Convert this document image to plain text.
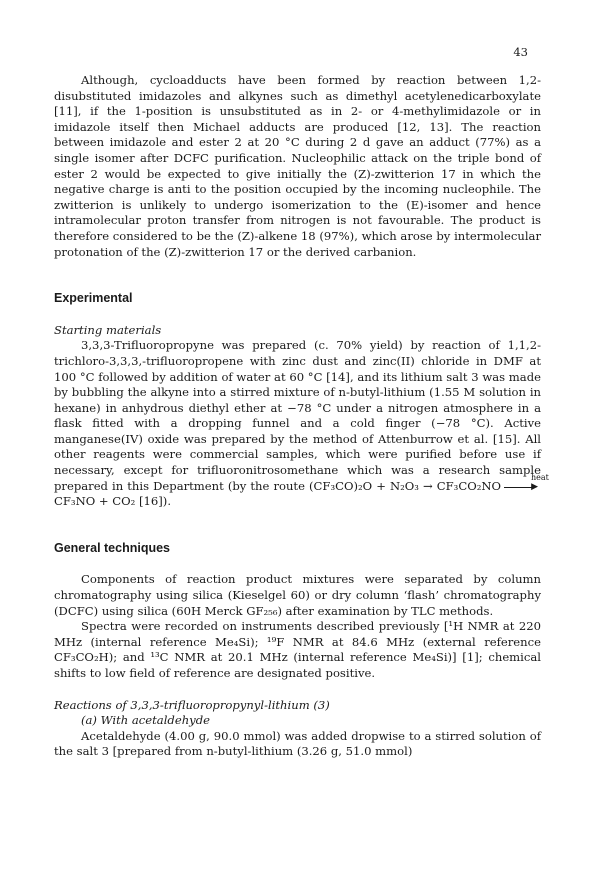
43

Although, cycloadducts have been formed by reaction between 1,2-disubstituted imidazoles and alkynes such as dimethyl acetylenedicarboxylate [11], if the 1-position is unsubstituted as in 2- or 4-methylimidazole or in imidazole itself then Michael adducts are produced [12, 13]. The reaction between imidazole and ester 2 at 20 °C during 2 d gave an adduct (77%) as a single isomer after DCFC purification. Nucleophilic attack on the triple bond of ester 2 would be expected to give initially the (Z)-zwitterion 17 in which the negative charge is anti to the position occupied by the incoming nucleophile. The zwitterion is unlikely to undergo isomerization to the (E)-isomer and hence intramolecular proton transfer from nitrogen is not favourable. The product is therefore considered to be the (Z)-alkene 18 (97%), which arose by intermolecular protonation of the (Z)-zwitterion 17 or the derived carbanion.

Experimental
Starting materials

3,3,3-Trifluoropropyne was prepared (c. 70% yield) by reaction of 1,1,2-trichloro-3,3,3,-trifluoropropene with zinc dust and zinc(II) chloride in DMF at 100 °C followed by addition of water at 60 °C [14], and its lithium salt 3 was made by bubbling the alkyne into a stirred mixture of n-butyl-lithium (1.55 M solution in hexane) in anhydrous diethyl ether at −78 °C under a nitrogen atmosphere in a flask fitted with a dropping funnel and a cold finger (−78 °C). Active manganese(IV) oxide was prepared by the method of Attenburrow et al. [15]. All other reagents were commercial samples, which were purified before use if necessary, except for trifluoronitrosomethane which was a research sample prepared in this Department (by the route (CF₃CO)₂O + N₂O₃ → CF₃CO₂NO
heat
▶
CF₃NO + CO₂ [16]).

General techniques

Components of reaction product mixtures were separated by column chromatography using silica (Kieselgel 60) or dry column ‘flash’ chromatography (DCFC) using silica (60H Merck GF₂₅₆) after examination by TLC methods.

Spectra were recorded on instruments described previously [¹H NMR at 220 MHz (internal reference Me₄Si); ¹⁹F NMR at 84.6 MHz (external reference CF₃CO₂H); and ¹³C NMR at 20.1 MHz (internal reference Me₄Si)] [1]; chemical shifts to low field of reference are designated positive.

Reactions of 3,3,3-trifluoropropynyl-lithium (3)
(a) With acetaldehyde

Acetaldehyde (4.00 g, 90.0 mmol) was added dropwise to a stirred solution of the salt 3 [prepared from n-butyl-lithium (3.26 g, 51.0 mmol)
